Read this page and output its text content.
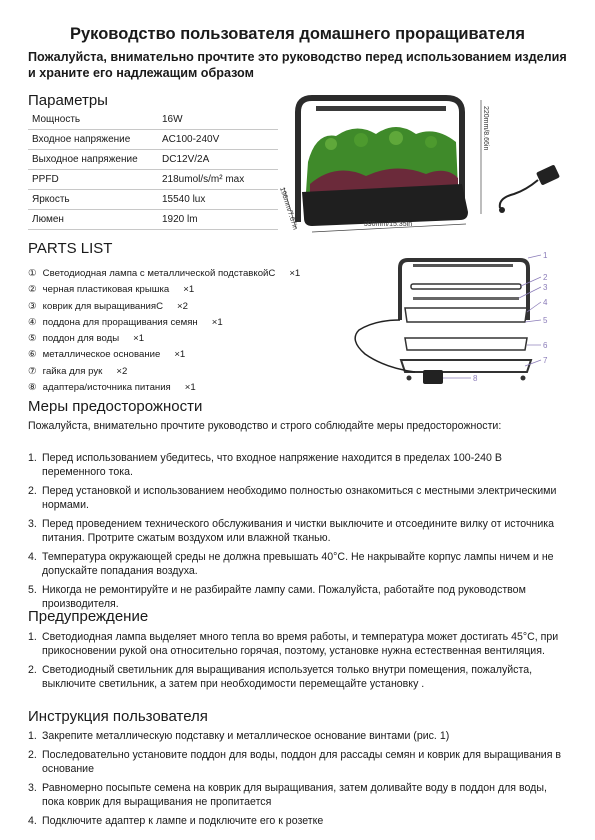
Руководство пользователя домашнего проращивателя
Пожалуйста, внимательно прочтите это руководство перед использованием изделия и храните его надлежащим образом
Параметры
Мощность	16W
Входное напряжение	AC100-240V
Выходное напряжение	DC12V/2A
PPFD	218umol/s/m² max
Яркость	15540 lux
Люмен	1920 lm
220mm/8.66in
196mm/7.67in	390mm/15.35in
PARTS LIST
① Светодиодная лампа с металлической подставкойС ×1
② черная пластиковая крышка ×1
③ коврик для выращиванияС ×2
④ поддона для проращивания семян ×1
⑤ поддон для воды ×1
⑥ металлическое основание ×1
⑦ гайка для рук ×2
⑧ адаптера/источника питания ×1
1
2
3
4
5
6
7
8
Меры предосторожности
Пожалуйста, внимательно прочтите руководство и строго соблюдайте меры предосторожности:
1. Перед использованием убедитесь, что входное напряжение находится в пределах 100-240 В переменного тока.
2. Перед установкой и использованием необходимо полностью ознакомиться с местными электрическими нормами.
3. Перед проведением технического обслуживания и чистки выключите и отсоедините вилку от источника питания. Протрите сжатым воздухом или влажной тканью.
4. Температура окружающей среды не должна превышать 40°C. Не накрывайте корпус лампы ничем и не допускайте попадания воздуха.
5. Никогда не ремонтируйте и не разбирайте лампу сами. Пожалуйста, работайте под руководством производителя.
Предупреждение
1. Светодиодная лампа выделяет много тепла во время работы, и температура может достигать 45°C, при прикосновении рукой она относительно горячая, поэтому, установке нужна естественная вентиляция.
2. Светодиодный светильник для выращивания используется только внутри помещения, пожалуйста, выключите светильник, а затем при необходимости перемещайте установку .
Инструкция пользователя
1. Закрепите металлическую подставку и металлическое основание винтами (рис. 1)
2. Последовательно установите поддон для воды, поддон для рассады семян и коврик для выращивания в основание
3. Равномерно посыпьте семена на коврик для выращивания, затем доливайте воду в поддон для воды, пока коврик для выращивания не пропитается
4. Подключите адаптер к лампе и подключите его к розетке
